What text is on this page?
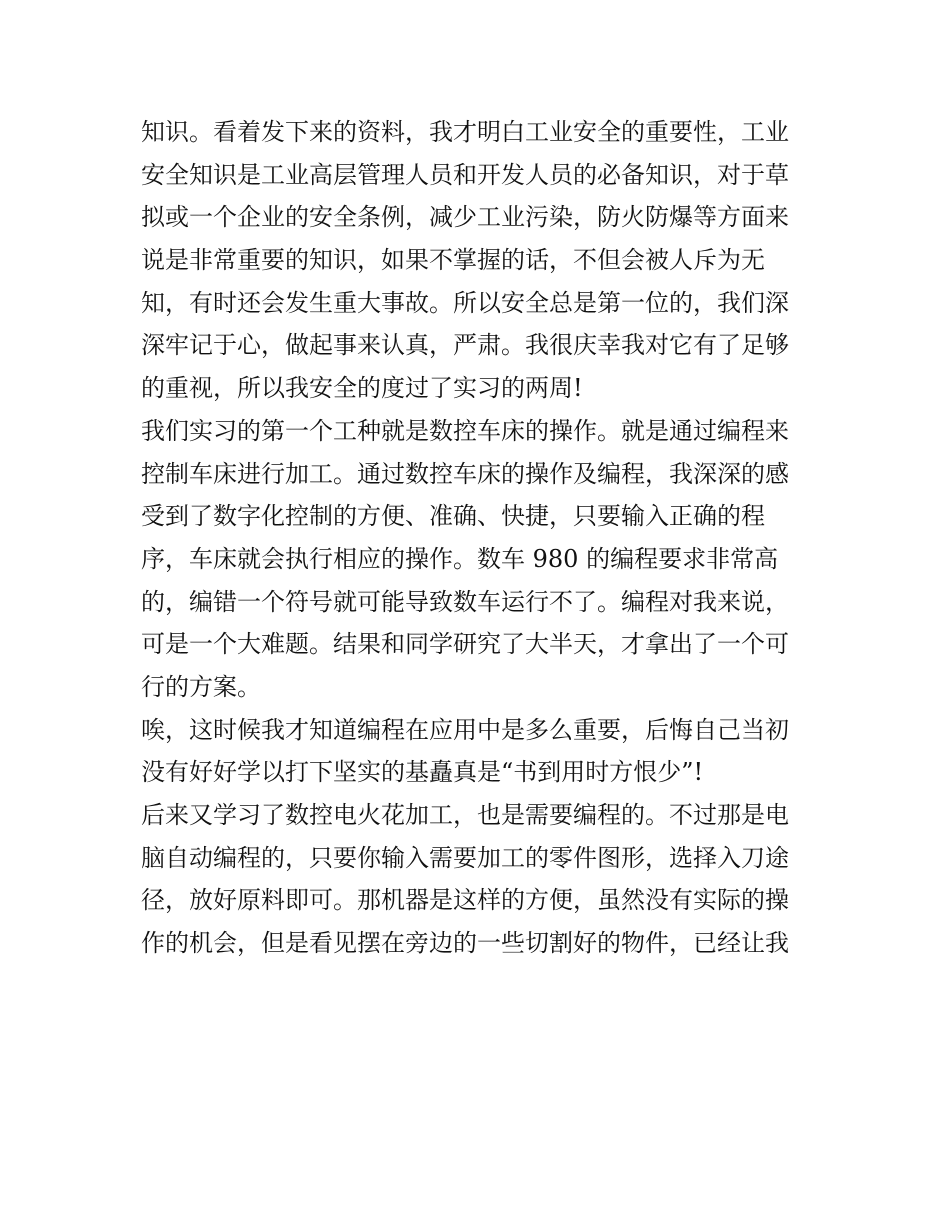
知识。看着发下来的资料，我才明白工业安全的重要性，工业
安全知识是工业高层管理人员和开发人员的必备知识，对于草
拟或一个企业的安全条例，减少工业污染，防火防爆等方面来
说是非常重要的知识，如果不掌握的话，不但会被人斥为无
知，有时还会发生重大事故。所以安全总是第一位的，我们深
深牢记于心，做起事来认真，严肃。我很庆幸我对它有了足够
的重视，所以我安全的度过了实习的两周!
我们实习的第一个工种就是数控车床的操作。就是通过编程来
控制车床进行加工。通过数控车床的操作及编程，我深深的感
受到了数字化控制的方便、准确、快捷，只要输入正确的程
序，车床就会执行相应的操作。数车 980 的编程要求非常高
的，编错一个符号就可能导致数车运行不了。编程对我来说，
可是一个大难题。结果和同学研究了大半天，才拿出了一个可
行的方案。
唉，这时候我才知道编程在应用中是多么重要，后悔自己当初
没有好好学以打下坚实的基矗真是“书到用时方恨少”!
后来又学习了数控电火花加工，也是需要编程的。不过那是电
脑自动编程的，只要你输入需要加工的零件图形，选择入刀途
径，放好原料即可。那机器是这样的方便，虽然没有实际的操
作的机会，但是看见摆在旁边的一些切割好的物件，已经让我
